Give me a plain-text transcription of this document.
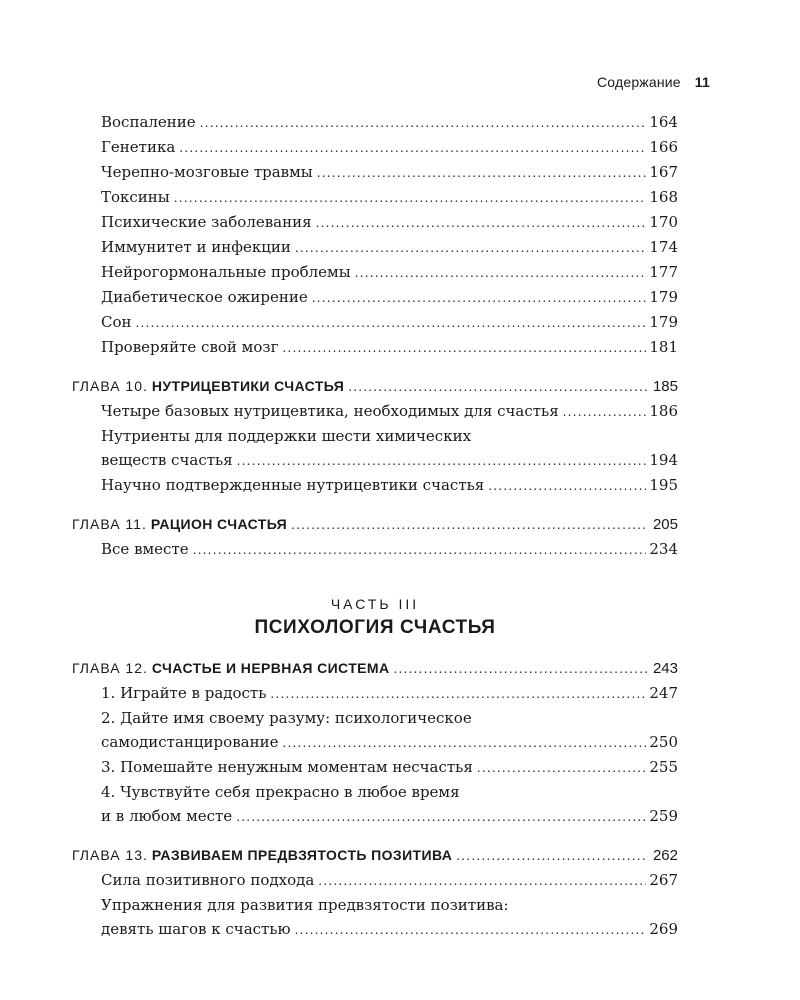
Содержание 11
Воспаление .....	164
Генетика .....	166
Черепно-мозговые травмы .....	167
Токсины .....	168
Психические заболевания .....	170
Иммунитет и инфекции .....	174
Нейрогормональные проблемы .....	177
Диабетическое ожирение .....	179
Сон .....	179
Проверяйте свой мозг .....	181
ГЛАВА 10. НУТРИЦЕВТИКИ СЧАСТЬЯ .....	185
Четыре базовых нутрицевтика, необходимых для счастья .....	186
Нутриенты для поддержки шести химических
веществ счастья .....	194
Научно подтвержденные нутрицевтики счастья .....	195
ГЛАВА 11. РАЦИОН СЧАСТЬЯ .....	205
Все вместе .....	234
ЧАСТЬ III
ПСИХОЛОГИЯ СЧАСТЬЯ
ГЛАВА 12. СЧАСТЬЕ И НЕРВНАЯ СИСТЕМА .....	243
1. Играйте в радость .....	247
2. Дайте имя своему разуму: психологическое
самодистанцирование .....	250
3. Помешайте ненужным моментам несчастья .....	255
4. Чувствуйте себя прекрасно в любое время
и в любом месте .....	259
ГЛАВА 13. РАЗВИВАЕМ ПРЕДВЗЯТОСТЬ ПОЗИТИВА .....	262
Сила позитивного подхода .....	267
Упражнения для развития предвзятости позитива:
девять шагов к счастью .....	269
